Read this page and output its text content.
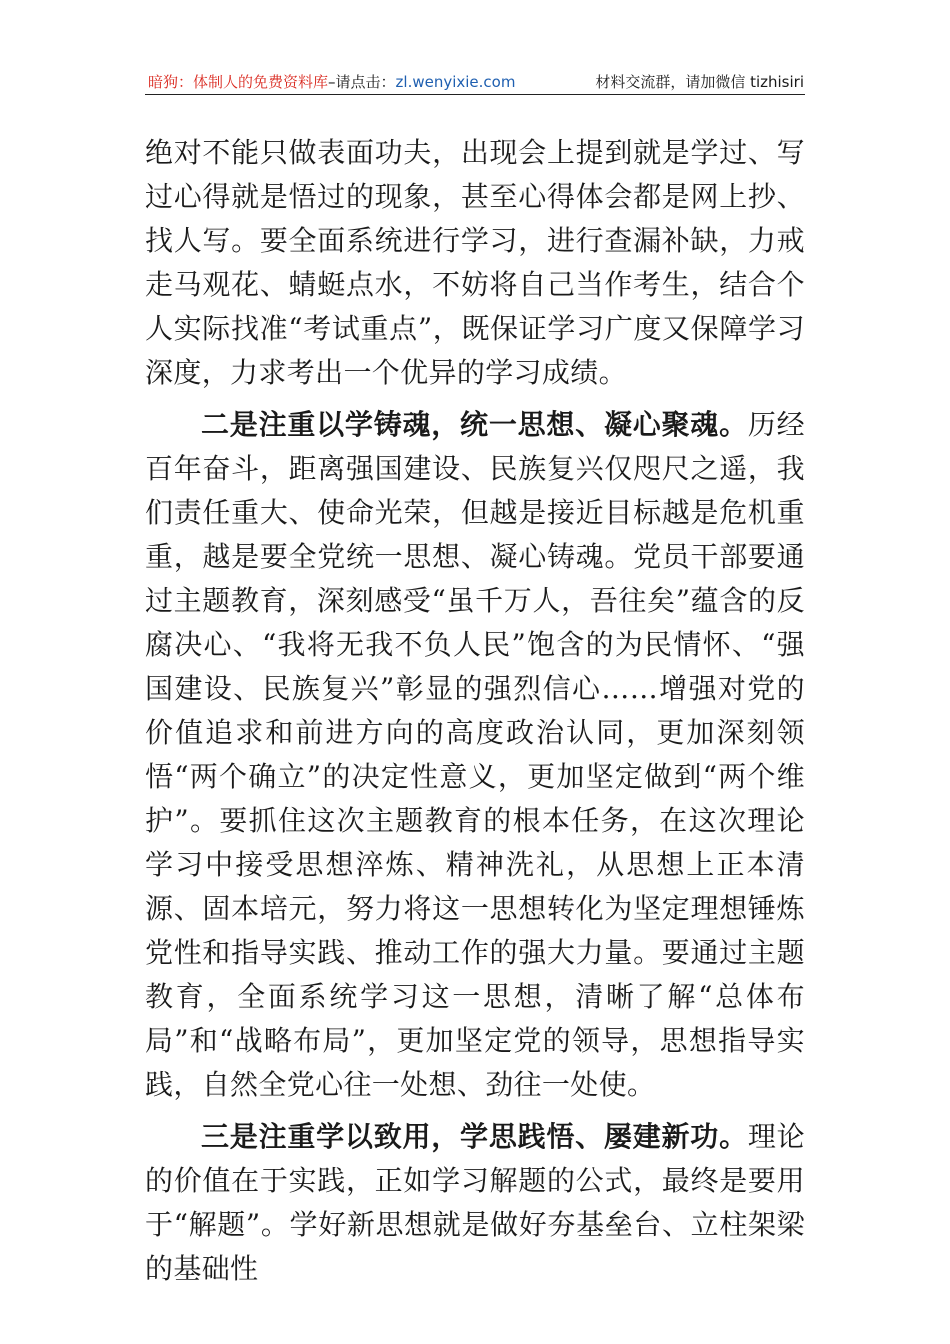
暗狗：体制人的免费资料库–请点击：zl.wenyixie.com	材料交流群，请加微信 tizhisiri

绝对不能只做表面功夫，出现会上提到就是学过、写过心得就是悟过的现象，甚至心得体会都是网上抄、找人写。要全面系统进行学习，进行查漏补缺，力戒走马观花、蜻蜓点水，不妨将自己当作考生，结合个人实际找准“考试重点”，既保证学习广度又保障学习深度，力求考出一个优异的学习成绩。

二是注重以学铸魂，统一思想、凝心聚魂。历经百年奋斗，距离强国建设、民族复兴仅咫尺之遥，我们责任重大、使命光荣，但越是接近目标越是危机重重，越是要全党统一思想、凝心铸魂。党员干部要通过主题教育，深刻感受“虽千万人，吾往矣”蕴含的反腐决心、“我将无我不负人民”饱含的为民情怀、“强国建设、民族复兴”彰显的强烈信心……增强对党的价值追求和前进方向的高度政治认同，更加深刻领悟“两个确立”的决定性意义，更加坚定做到“两个维护”。要抓住这次主题教育的根本任务，在这次理论学习中接受思想淬炼、精神洗礼，从思想上正本清源、固本培元，努力将这一思想转化为坚定理想锤炼党性和指导实践、推动工作的强大力量。要通过主题教育，全面系统学习这一思想，清晰了解“总体布局”和“战略布局”，更加坚定党的领导，思想指导实践，自然全党心往一处想、劲往一处使。

三是注重学以致用，学思践悟、屡建新功。理论的价值在于实践，正如学习解题的公式，最终是要用于“解题”。学好新思想就是做好夯基垒台、立柱架梁的基础性
